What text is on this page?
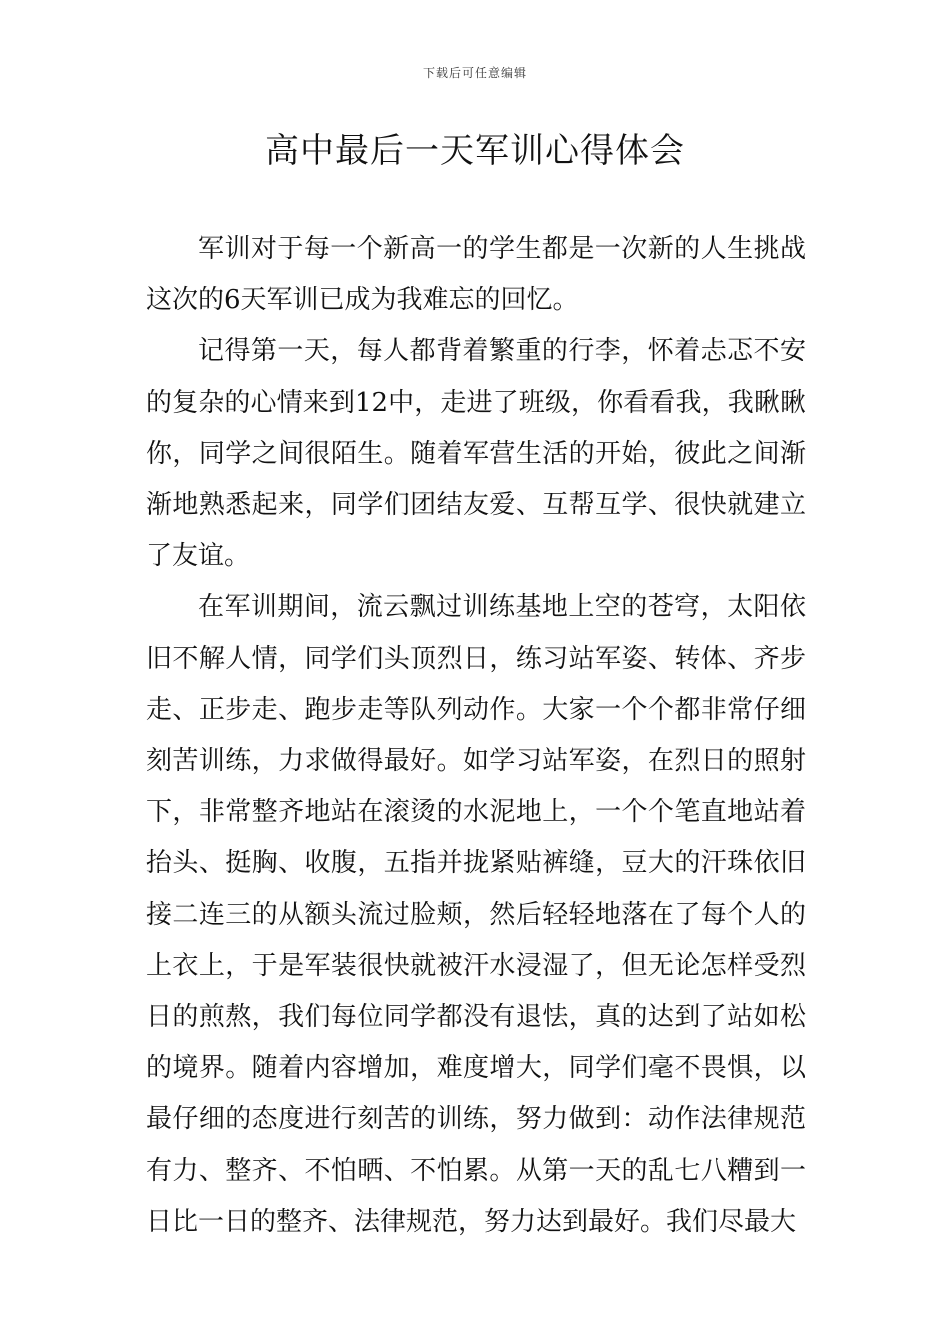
下载后可任意编辑
高中最后一天军训心得体会

军训对于每一个新高一的学生都是一次新的人生挑战这次的6天军训已成为我难忘的回忆。

记得第一天，每人都背着繁重的行李，怀着忐忑不安的复杂的心情来到12中，走进了班级，你看看我，我瞅瞅你，同学之间很陌生。随着军营生活的开始，彼此之间渐渐地熟悉起来，同学们团结友爱、互帮互学、很快就建立了友谊。

在军训期间，流云飘过训练基地上空的苍穹，太阳依旧不解人情，同学们头顶烈日，练习站军姿、转体、齐步走、正步走、跑步走等队列动作。大家一个个都非常仔细刻苦训练，力求做得最好。如学习站军姿，在烈日的照射下，非常整齐地站在滚烫的水泥地上，一个个笔直地站着抬头、挺胸、收腹，五指并拢紧贴裤缝，豆大的汗珠依旧接二连三的从额头流过脸颊，然后轻轻地落在了每个人的上衣上，于是军装很快就被汗水浸湿了，但无论怎样受烈日的煎熬，我们每位同学都没有退怯，真的达到了站如松的境界。随着内容增加，难度增大，同学们毫不畏惧，以最仔细的态度进行刻苦的训练，努力做到：动作法律规范有力、整齐、不怕晒、不怕累。从第一天的乱七八糟到一日比一日的整齐、法律规范，努力达到最好。我们尽最大
